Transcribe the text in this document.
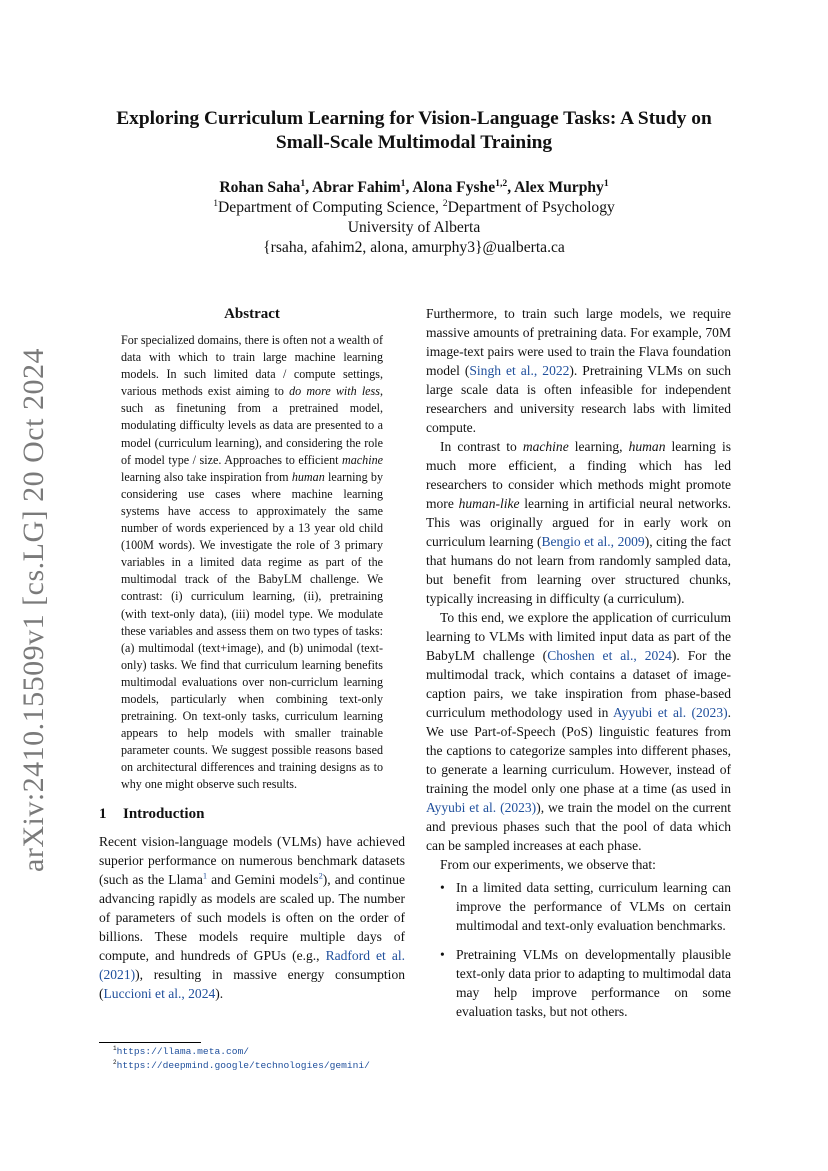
arXiv:2410.15509v1 [cs.LG] 20 Oct 2024
Exploring Curriculum Learning for Vision-Language Tasks: A Study on
Small-Scale Multimodal Training
Rohan Saha$^1$, Abrar Fahim$^1$, Alona Fyshe$^{1,2}$, Alex Murphy$^1$
$^1$Department of Computing Science, $^2$Department of Psychology
University of Alberta
{rsaha, afahim2, alona, amurphy3}@ualberta.ca

Abstract

For specialized domains, there is often not a wealth of data with which to train large machine learning models. In such limited data / compute settings, various methods exist aiming to do more with less, such as finetuning from a pretrained model, modulating difficulty levels as data are presented to a model (curriculum learning), and considering the role of model type / size. Approaches to efficient machine learning also take inspiration from human learning by considering use cases where machine learning systems have access to approximately the same number of words experienced by a 13 year old child (100M words). We investigate the role of 3 primary variables in a limited data regime as part of the multimodal track of the BabyLM challenge. We contrast: (i) curriculum learning, (ii), pretraining (with text-only data), (iii) model type. We modulate these variables and assess them on two types of tasks: (a) multimodal (text+image), and (b) unimodal (text-only) tasks. We find that curriculum learning benefits multimodal evaluations over non-curriclum learning models, particularly when combining text-only pretraining. On text-only tasks, curriculum learning appears to help models with smaller trainable parameter counts. We suggest possible reasons based on architectural differences and training designs as to why one might observe such results.

1 Introduction

Recent vision-language models (VLMs) have achieved superior performance on numerous benchmark datasets (such as the Llama$^1$ and Gemini models$^2$), and continue advancing rapidly as models are scaled up. The number of parameters of such models is often on the order of billions. These models require multiple days of compute, and hundreds of GPUs (e.g., Radford et al. (2021)), resulting in massive energy consumption (Luccioni et al., 2024).

$^1$https://llama.meta.com/
$^2$https://deepmind.google/technologies/gemini/

Furthermore, to train such large models, we require massive amounts of pretraining data. For example, 70M image-text pairs were used to train the Flava foundation model (Singh et al., 2022). Pretraining VLMs on such large scale data is often infeasible for independent researchers and university research labs with limited compute.

In contrast to machine learning, human learning is much more efficient, a finding which has led researchers to consider which methods might promote more human-like learning in artificial neural networks. This was originally argued for in early work on curriculum learning (Bengio et al., 2009), citing the fact that humans do not learn from randomly sampled data, but benefit from learning over structured chunks, typically increasing in difficulty (a curriculum).

To this end, we explore the application of curriculum learning to VLMs with limited input data as part of the BabyLM challenge (Choshen et al., 2024). For the multimodal track, which contains a dataset of image-caption pairs, we take inspiration from phase-based curriculum methodology used in Ayyubi et al. (2023). We use Part-of-Speech (PoS) linguistic features from the captions to categorize samples into different phases, to generate a learning curriculum. However, instead of training the model only one phase at a time (as used in Ayyubi et al. (2023)), we train the model on the current and previous phases such that the pool of data which can be sampled increases at each phase.

From our experiments, we observe that:

• In a limited data setting, curriculum learning can improve the performance of VLMs on certain multimodal and text-only evaluation benchmarks.
• Pretraining VLMs on developmentally plausible text-only data prior to adapting to multimodal data may help improve performance on some evaluation tasks, but not others.
